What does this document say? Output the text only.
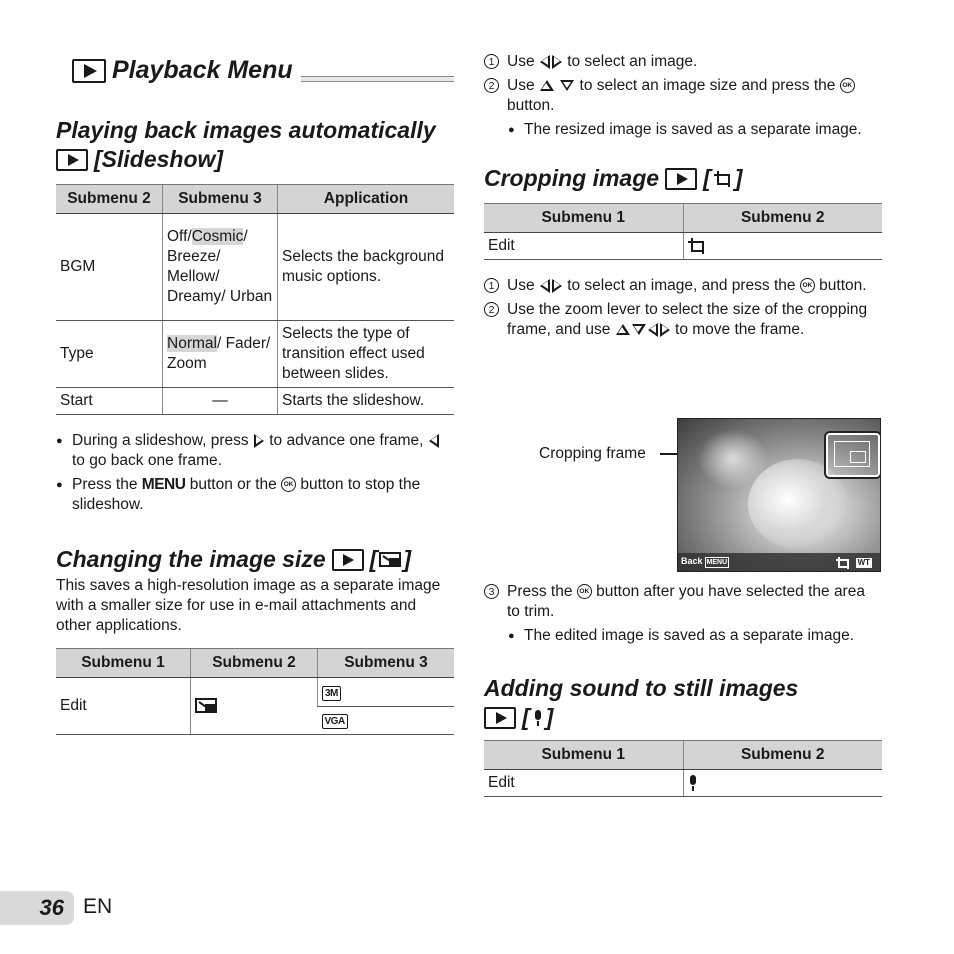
Playback Menu
Playing back images automatically
[Slideshow]
Submenu 2	Submenu 3	Application
BGM	Off/Cosmic/ Breeze/ Mellow/ Dreamy/ Urban	Selects the background music options.
Type	Normal/ Fader/ Zoom	Selects the type of transition effect used between slides.
Start	—	Starts the slideshow.

● During a slideshow, press to advance one frame,  to go back one frame.

● Press the MENU button or the OK button to stop the slideshow.

Changing the image size [ ]
This saves a high-resolution image as a separate image with a smaller size for use in e-mail attachments and other applications.
Submenu 1	Submenu 2	Submenu 3
Edit		3M
		VGA
1 Use to select an image.
2 Use	to select an image size and press the OK button.

● The resized image is saved as a separate image.

Cropping image [ ]
Submenu 1	Submenu 2
Edit	
1 Use to select an image, and press the OK button.
2 Use the zoom lever to select the size of the cropping frame, and use	to move the frame.
Cropping frame
Back MENU	WT
3 Press the OK button after you have selected the area to trim.

● The edited image is saved as a separate image.

Adding sound to still images
[ ]
Submenu 1	Submenu 2
Edit	
36 EN
